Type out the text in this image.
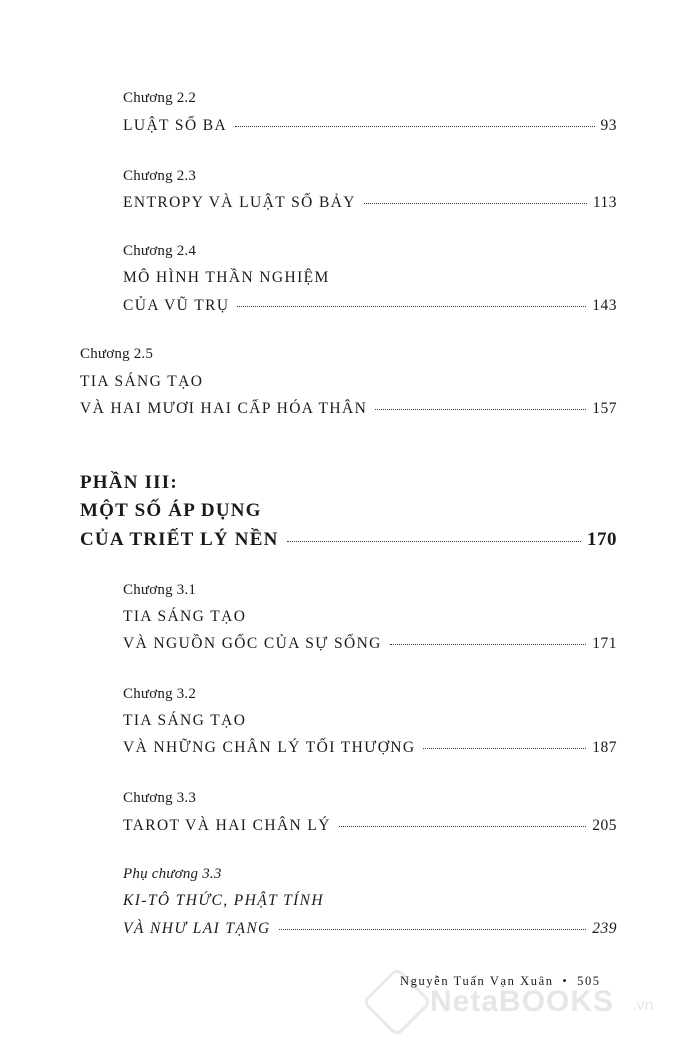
Chương 2.2
LUẬT SỐ BA	93
Chương 2.3
ENTROPY VÀ LUẬT SỐ BẢY	113
Chương 2.4
MÔ HÌNH THẦN NGHIỆM
CỦA VŨ TRỤ	143
Chương 2.5
TIA SÁNG TẠO
VÀ HAI MƯƠI HAI CẤP HÓA THÂN	157
PHẦN III:
MỘT SỐ ÁP DỤNG
CỦA TRIẾT LÝ NỀN	170
Chương 3.1
TIA SÁNG TẠO
VÀ NGUỒN GỐC CỦA SỰ SỐNG	171
Chương 3.2
TIA SÁNG TẠO
VÀ NHỮNG CHÂN LÝ TỐI THƯỢNG	187
Chương 3.3
TAROT VÀ HAI CHÂN LÝ	205
Phụ chương 3.3
KI-TÔ THỨC, PHẬT TÍNH
VÀ NHƯ LAI TẠNG	239
NetaBOOKS .vn
Nguyễn Tuấn Vạn Xuân • 505
